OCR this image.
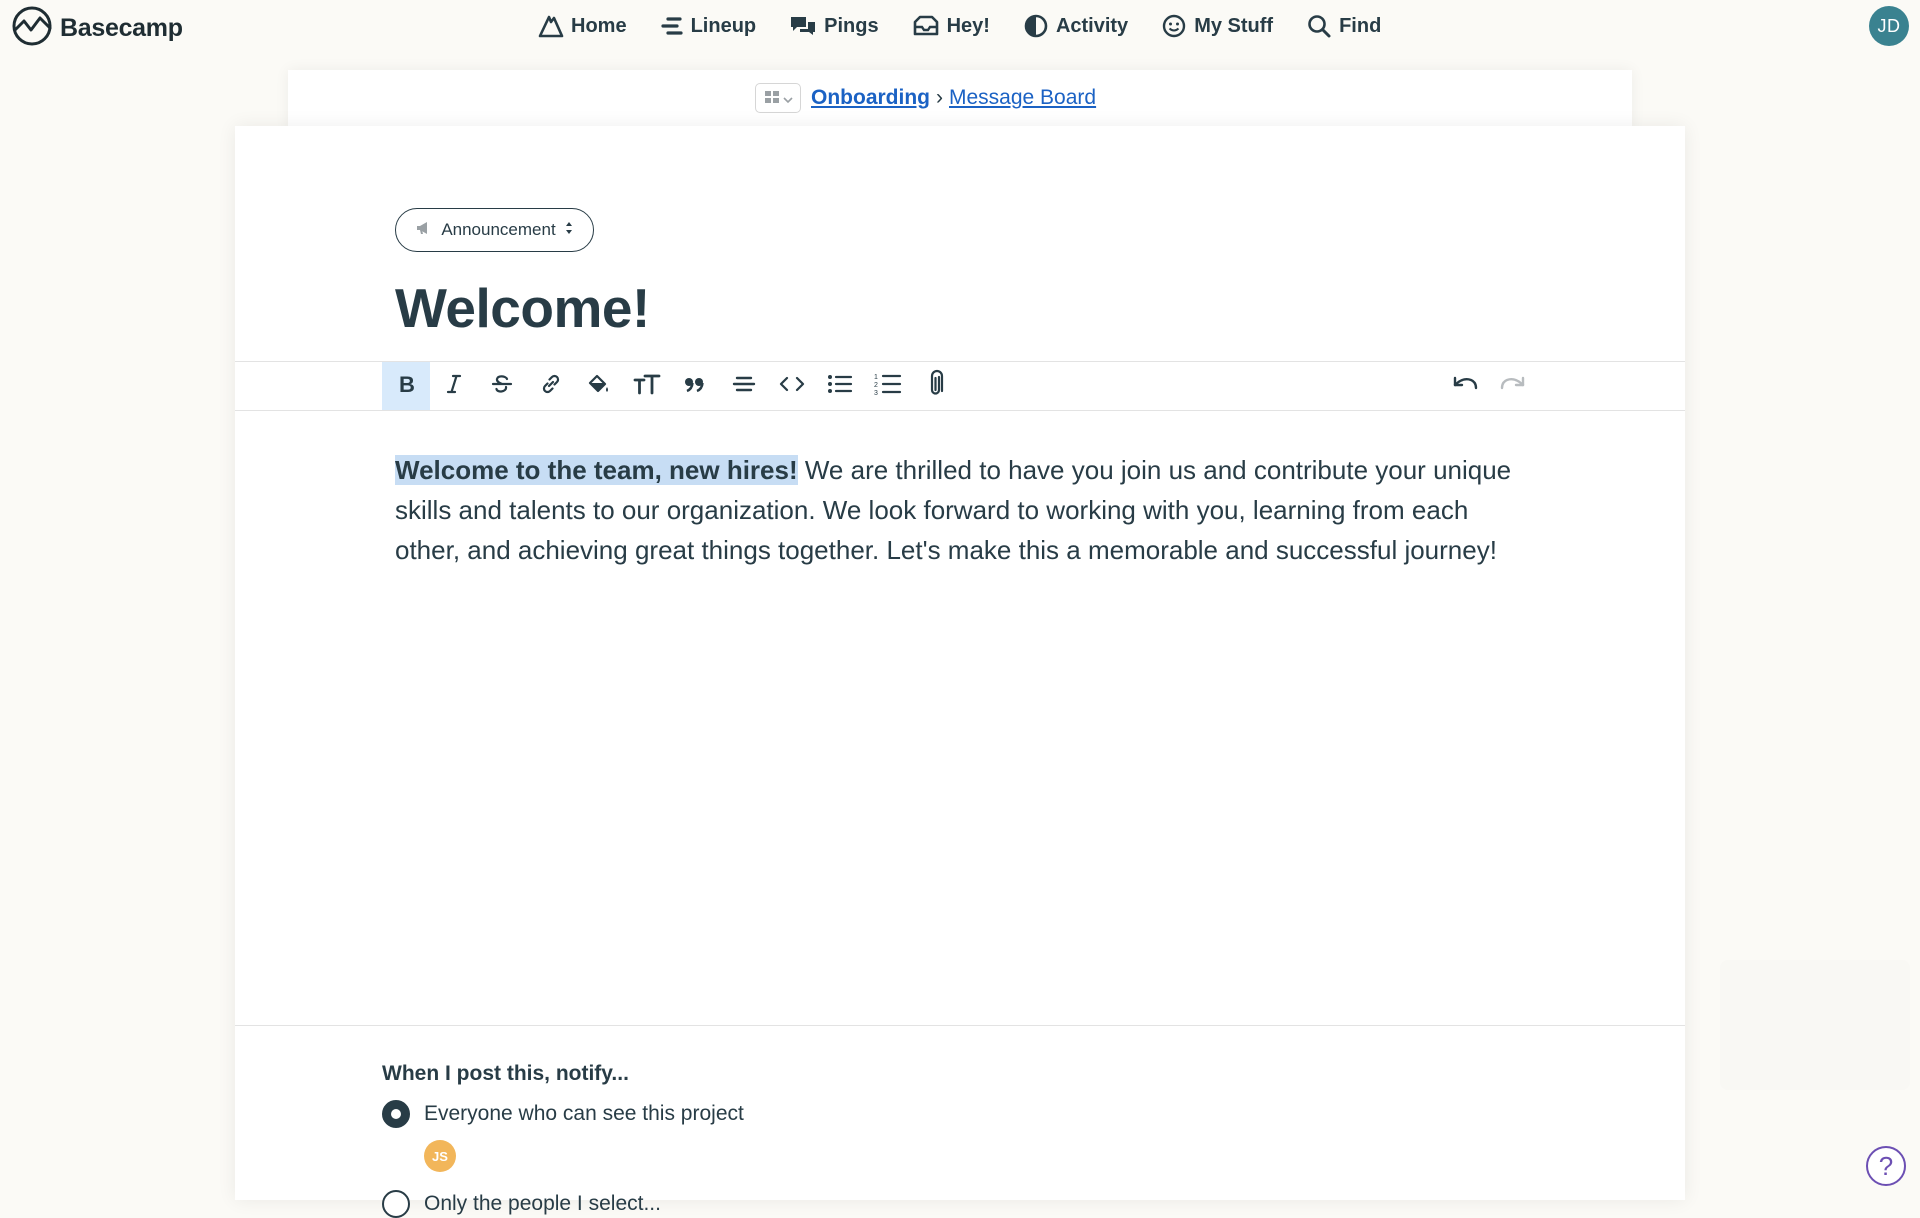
Basecamp	Home	Lineup	Pings	Hey!	Activity	My Stuff	Find	JD
Onboarding › Message Board
Announcement
Welcome!
B	1
2
3
Welcome to the team, new hires! We are thrilled to have you join us and contribute your unique skills and talents to our organization. We look forward to working with you, learning from each other, and achieving great things together. Let's make this a memorable and successful journey!
When I post this, notify...
Everyone who can see this project
JS
Only the people I select...
?
